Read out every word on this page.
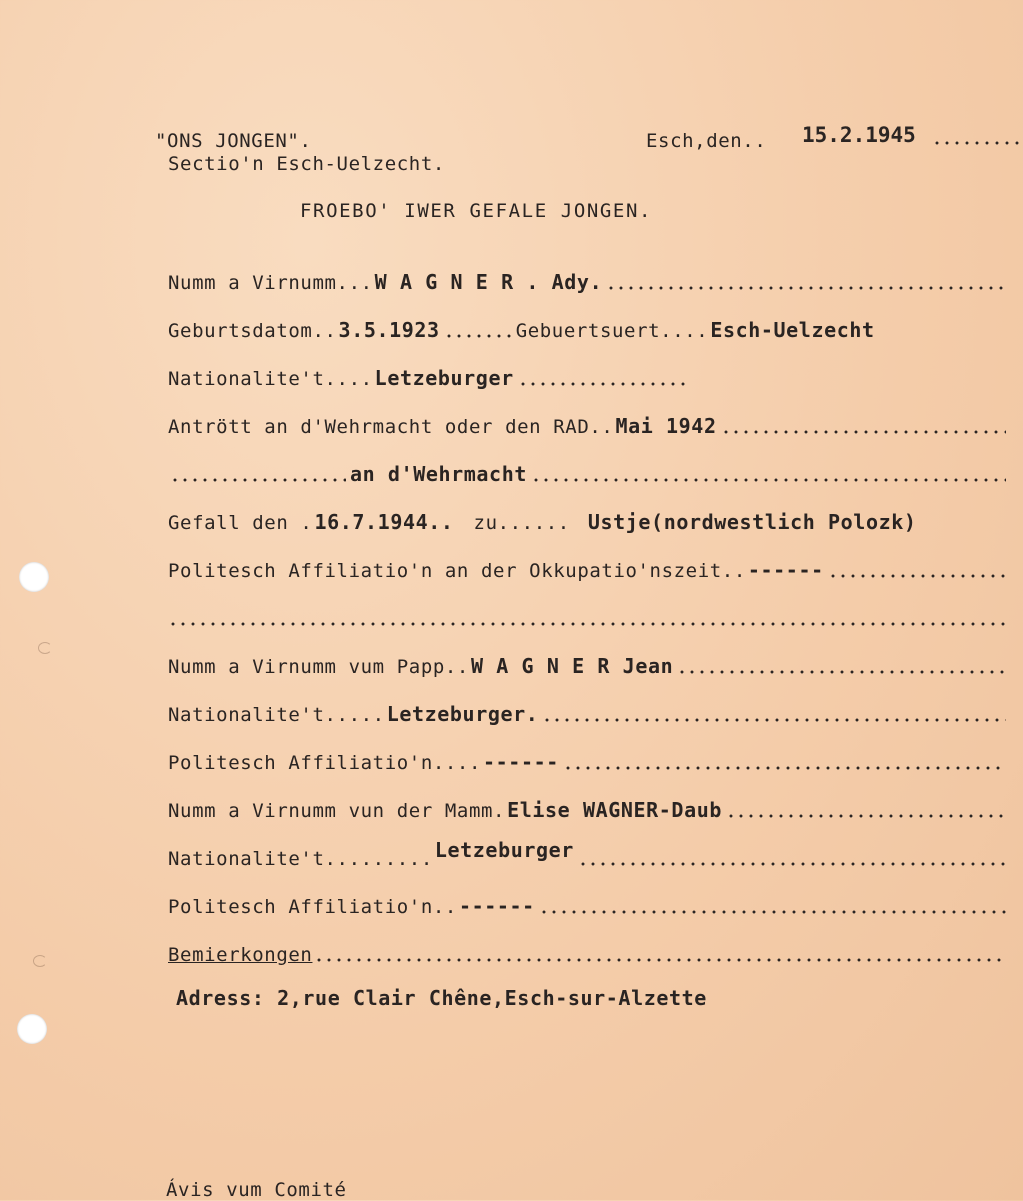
"ONS JONGEN".
Sectio'n Esch-Uelzecht.
Esch,den.. 15.2.1945
FROEBO' IWER GEFALE JONGEN.
Numm a Virnumm... W A G N E R . Ady.
Geburtsdatom.. 3.5.1923	Gebuertsuert.... Esch-Uelzecht
Nationalite't.... Letzeburger
Antrött an d'Wehrmacht oder den RAD.. Mai 1942
an d'Wehrmacht
Gefall den . 16.7.1944.. zu...... Ustje(nordwestlich Polozk)
Politesch Affiliatio'n an der Okkupatio'nszeit.. ------
Numm a Virnumm vum Papp.. W A G N E R Jean
Nationalite't..... Letzeburger.
Politesch Affiliatio'n.... ------
Numm a Virnumm vun der Mamm. Elise WAGNER-Daub
Nationalite't......... Letzeburger
Politesch Affiliatio'n.. ------
Bemierkongen
Adress: 2,rue Clair Chêne,Esch-sur-Alzette
Ávis vum Comité
